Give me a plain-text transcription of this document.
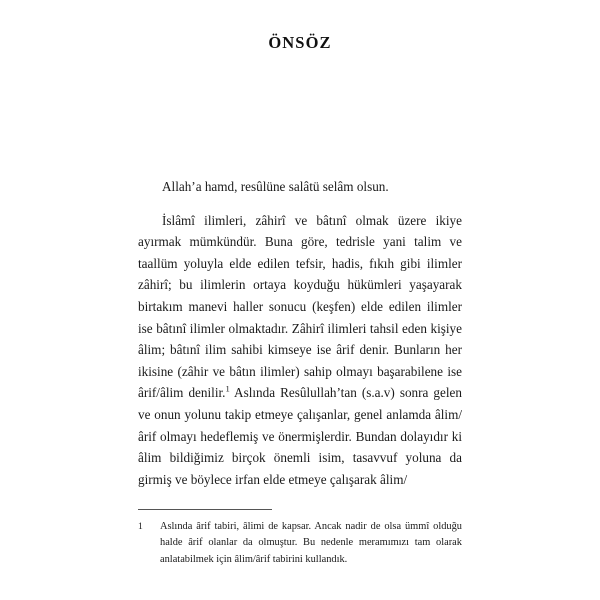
ÖNSÖZ

Allah’a hamd, resûlüne salâtü selâm olsun.

İslâmî ilimleri, zâhirî ve bâtınî olmak üzere ikiye ayırmak mümkündür. Buna göre, tedrisle yani talim ve taallüm yoluyla elde edilen tefsir, hadis, fıkıh gibi ilimler zâhirî; bu ilimlerin ortaya koyduğu hükümleri yaşayarak birtakım manevi haller sonucu (keşfen) elde edilen ilimler ise bâtınî ilimler olmaktadır. Zâhirî ilimleri tahsil eden kişiye âlim; bâtınî ilim sahibi kimseye ise ârif denir. Bunların her ikisine (zâhir ve bâtın ilimler) sahip olmayı başarabilene ise ârif/âlim denilir.$^1$ Aslında Resûlullah’tan (s.a.v) sonra gelen ve onun yolunu takip etmeye çalışanlar, genel anlamda âlim/ârif olmayı hedeflemiş ve önermişlerdir. Bundan dolayıdır ki âlim bildiğimiz birçok önemli isim, tasavvuf yoluna da girmiş ve böylece irfan elde etmeye çalışarak âlim/

1	Aslında ârif tabiri, âlimi de kapsar. Ancak nadir de olsa ümmî olduğu halde ârif olanlar da olmuştur. Bu nedenle meramımızı tam olarak anlatabilmek için âlim/ârif tabirini kullandık.
